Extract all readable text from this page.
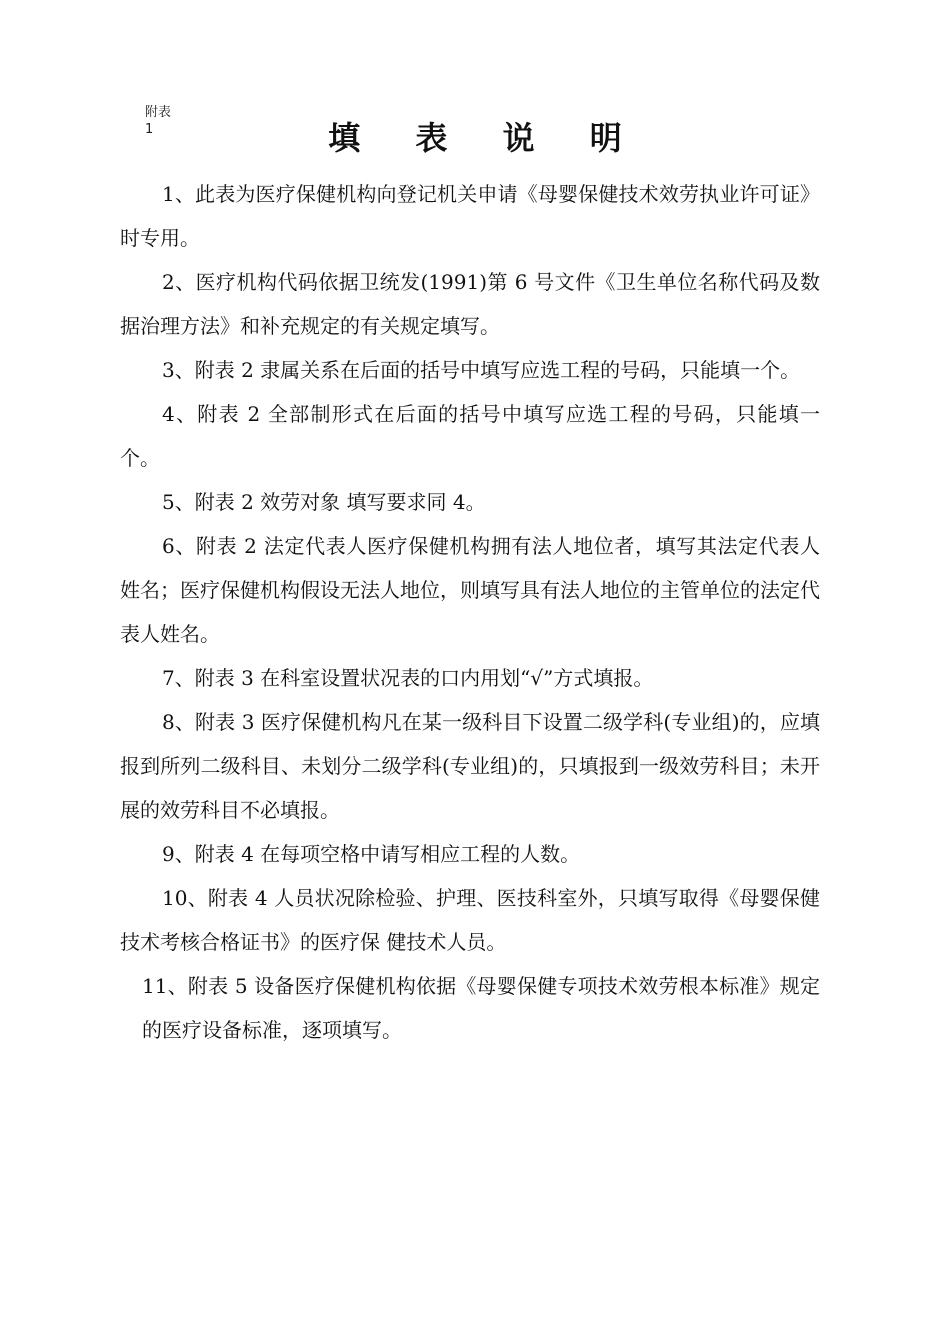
附表
1	填 表 说 明

1、此表为医疗保健机构向登记机关申请《母婴保健技术效劳执业许可证》时专用。

2、医疗机构代码依据卫统发(1991)第 6 号文件《卫生单位名称代码及数据治理方法》和补充规定的有关规定填写。

3、附表 2 隶属关系在后面的括号中填写应选工程的号码，只能填一个。

4、附表 2 全部制形式在后面的括号中填写应选工程的号码，只能填一个。

5、附表 2 效劳对象 填写要求同 4。

6、附表 2 法定代表人医疗保健机构拥有法人地位者，填写其法定代表人姓名；医疗保健机构假设无法人地位，则填写具有法人地位的主管单位的法定代表人姓名。

7、附表 3 在科室设置状况表的口内用划“√”方式填报。

8、附表 3 医疗保健机构凡在某一级科目下设置二级学科(专业组)的，应填报到所列二级科目、未划分二级学科(专业组)的，只填报到一级效劳科目；未开展的效劳科目不必填报。

9、附表 4 在每项空格中请写相应工程的人数。

10、附表 4 人员状况除检验、护理、医技科室外，只填写取得《母婴保健技术考核合格证书》的医疗保 健技术人员。

11、附表 5 设备医疗保健机构依据《母婴保健专项技术效劳根本标准》规定的医疗设备标准，逐项填写。
